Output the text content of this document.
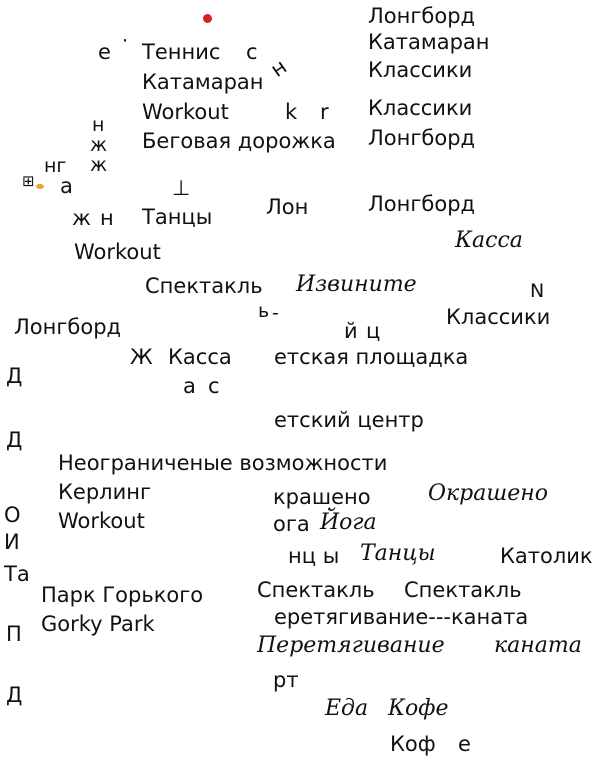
Лонгборд
Катамаран
Классики
Классики
Лонгборд
Лонгборд
е · Теннис c
н
Катамаран
Workout	k r
Беговая дорожка
н
ж
ж
нг
⊞ а	⊥
ж н Танцы	Лон
Workout	Касса
Спектакль Извините	N
ь -
Лонгборд	Классики
й ц
Ж Касса етская площадка
Д	а с
етский центр
Д
Неограниченые возможности
Керлинг
Workout
крашено	Окрашено
ога Йога
О
И
Та
нц ы Танцы	Католик
Парк Горького
Gorky Park
Спектакль Спектакль
еретягивание---каната
П	Перетягивание каната
рт
Д
Еда Кофе
Коф е
